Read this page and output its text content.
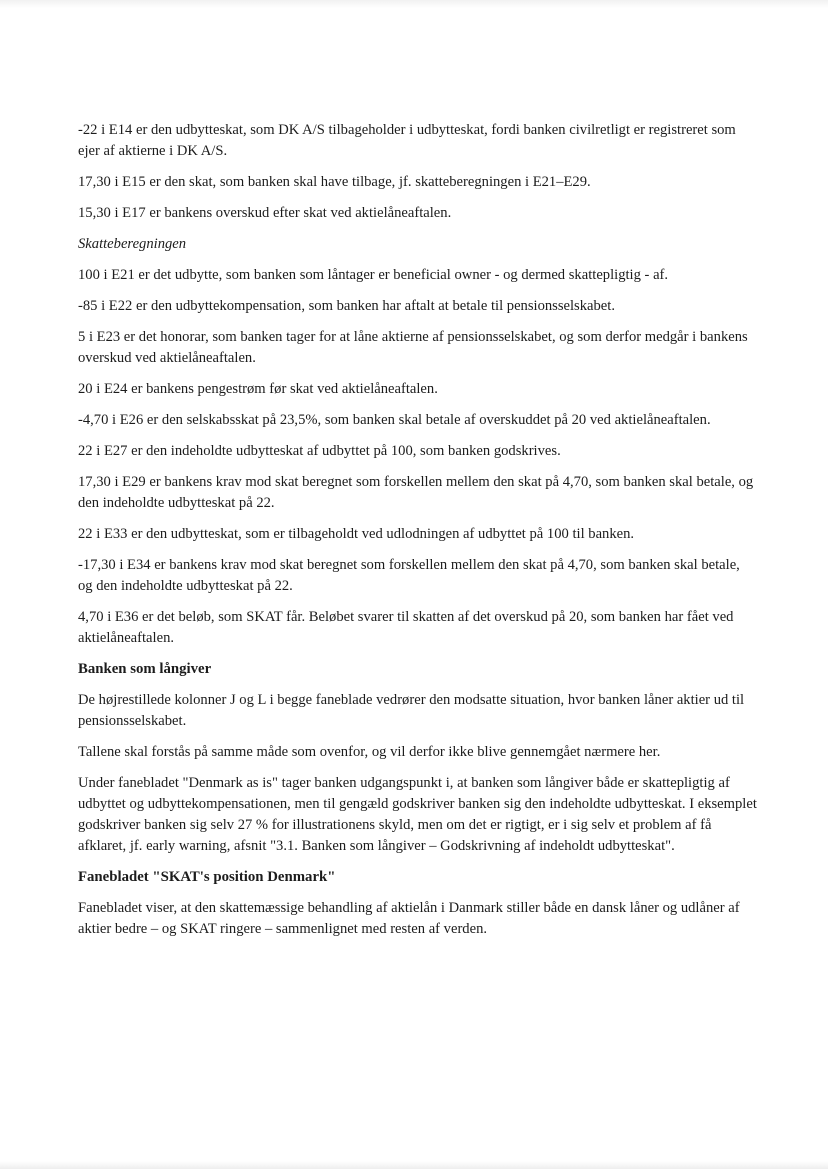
-22 i E14 er den udbytteskat, som DK A/S tilbageholder i udbytteskat, fordi banken civilretligt er registreret som ejer af aktierne i DK A/S.

17,30 i E15 er den skat, som banken skal have tilbage, jf. skatteberegningen i E21–E29.

15,30 i E17 er bankens overskud efter skat ved aktielåneaftalen.

Skatteberegningen

100 i E21 er det udbytte, som banken som låntager er beneficial owner - og dermed skattepligtig - af.

-85 i E22 er den udbyttekompensation, som banken har aftalt at betale til pensionsselskabet.

5 i E23 er det honorar, som banken tager for at låne aktierne af pensionsselskabet, og som derfor medgår i bankens overskud ved aktielåneaftalen.

20 i E24 er bankens pengestrøm før skat ved aktielåneaftalen.

-4,70 i E26 er den selskabsskat på 23,5%, som banken skal betale af overskuddet på 20 ved aktielåneaftalen.

22 i E27 er den indeholdte udbytteskat af udbyttet på 100, som banken godskrives.

17,30 i E29 er bankens krav mod skat beregnet som forskellen mellem den skat på 4,70, som banken skal betale, og den indeholdte udbytteskat på 22.

22 i E33 er den udbytteskat, som er tilbageholdt ved udlodningen af udbyttet på 100 til banken.

-17,30 i E34 er bankens krav mod skat beregnet som forskellen mellem den skat på 4,70, som banken skal betale, og den indeholdte udbytteskat på 22.

4,70 i E36 er det beløb, som SKAT får. Beløbet svarer til skatten af det overskud på 20, som banken har fået ved aktielåneaftalen.

Banken som långiver

De højrestillede kolonner J og L i begge faneblade vedrører den modsatte situation, hvor banken låner aktier ud til pensionsselskabet.

Tallene skal forstås på samme måde som ovenfor, og vil derfor ikke blive gennemgået nærmere her.

Under fanebladet "Denmark as is" tager banken udgangspunkt i, at banken som långiver både er skattepligtig af udbyttet og udbyttekompensationen, men til gengæld godskriver banken sig den indeholdte udbytteskat. I eksemplet godskriver banken sig selv 27 % for illustrationens skyld, men om det er rigtigt, er i sig selv et problem af få afklaret, jf. early warning, afsnit "3.1. Banken som långiver – Godskrivning af indeholdt udbytteskat".

Fanebladet "SKAT's position Denmark"

Fanebladet viser, at den skattemæssige behandling af aktielån i Danmark stiller både en dansk låner og udlåner af aktier bedre – og SKAT ringere – sammenlignet med resten af verden.
